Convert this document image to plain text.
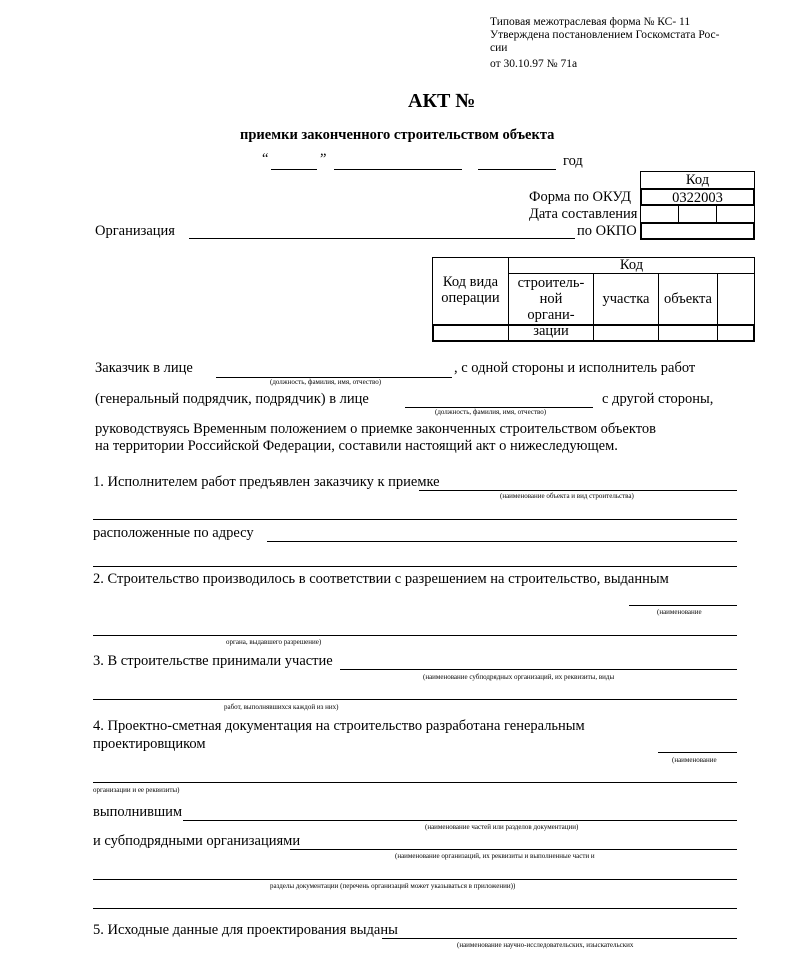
Типовая межотраслевая форма № КС- 11
Утверждена постановлением Госкомстата Рос-
сии
от 30.10.97 № 71а
АКТ №
приемки законченного строительством объекта
“	”	год
Код
0322003
Форма по ОКУД
Дата составления
по ОКПО
Организация
Код вида операции
Код
строитель-ной органи-зации
участка объекта
Заказчик в лице
(должность, фамилия, имя, отчество)
, с одной стороны и исполнитель работ
(генеральный подрядчик, подрядчик) в лице
(должность, фамилия, имя, отчество)
с другой стороны,
руководствуясь Временным положением о приемке законченных строительством объектов
на территории Российской Федерации, составили настоящий акт о нижеследующем.
1. Исполнителем работ предъявлен заказчику к приемке
(наименование объекта и вид строительства)
расположенные по адресу
2. Строительство производилось в соответствии с разрешением на строительство, выданным
(наименование
органа, выдавшего разрешение)
3. В строительстве принимали участие
(наименование субподрядных организаций, их реквизиты, виды
работ, выполнявшихся каждой из них)
4. Проектно-сметная документация на строительство разработана генеральным
проектировщиком
(наименование
организации и ее реквизиты)
выполнившим
(наименование частей или разделов документации)
и субподрядными организациями
(наименование организаций, их реквизиты и выполненные части и
разделы документации (перечень организаций может указываться в приложении))
5. Исходные данные для проектирования выданы
(наименование научно-исследовательских, изыскательских
